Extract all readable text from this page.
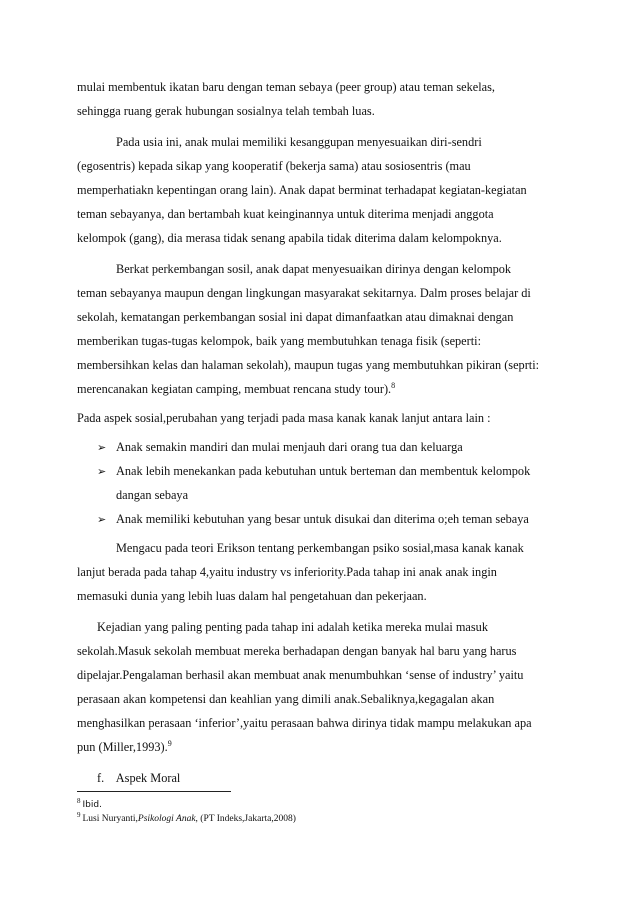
mulai membentuk ikatan baru dengan teman sebaya (peer group) atau teman sekelas,
sehingga ruang gerak hubungan sosialnya telah tembah luas.
Pada usia ini, anak mulai memiliki kesanggupan menyesuaikan diri-sendri
(egosentris) kepada sikap yang kooperatif (bekerja sama) atau sosiosentris (mau
memperhatiakn kepentingan orang lain). Anak dapat berminat terhadapat kegiatan-kegiatan
teman sebayanya, dan bertambah kuat keinginannya untuk diterima menjadi anggota
kelompok (gang), dia merasa tidak senang apabila tidak diterima dalam kelompoknya.
Berkat perkembangan sosil, anak dapat menyesuaikan dirinya dengan kelompok
teman sebayanya maupun dengan lingkungan masyarakat sekitarnya. Dalm proses belajar di
sekolah, kematangan perkembangan sosial ini dapat dimanfaatkan atau dimaknai dengan
memberikan tugas-tugas kelompok, baik yang membutuhkan tenaga fisik (seperti:
membersihkan kelas dan halaman sekolah), maupun tugas yang membutuhkan pikiran (seprti:
merencanakan kegiatan camping, membuat rencana study tour).$^8$
Pada aspek sosial,perubahan yang terjadi pada masa kanak kanak lanjut antara lain :
➢ Anak semakin mandiri dan mulai menjauh dari orang tua dan keluarga
➢ Anak lebih menekankan pada kebutuhan untuk berteman dan membentuk kelompok
dangan sebaya
➢ Anak memiliki kebutuhan yang besar untuk disukai dan diterima o;eh teman sebaya
Mengacu pada teori Erikson tentang perkembangan psiko sosial,masa kanak kanak
lanjut berada pada tahap 4,yaitu industry vs inferiority.Pada tahap ini anak anak ingin
memasuki dunia yang lebih luas dalam hal pengetahuan dan pekerjaan.
Kejadian yang paling penting pada tahap ini adalah ketika mereka mulai masuk
sekolah.Masuk sekolah membuat mereka berhadapan dengan banyak hal baru yang harus
dipelajar.Pengalaman berhasil akan membuat anak menumbuhkan ‘sense of industry’ yaitu
perasaan akan kompetensi dan keahlian yang dimili anak.Sebaliknya,kegagalan akan
menghasilkan perasaan ‘inferior’,yaitu perasaan bahwa dirinya tidak mampu melakukan apa
pun (Miller,1993).$^9$
f.    Aspek Moral
$^8$ Ibid.
$^9$ Lusi Nuryanti,Psikologi Anak, (PT Indeks,Jakarta,2008)
